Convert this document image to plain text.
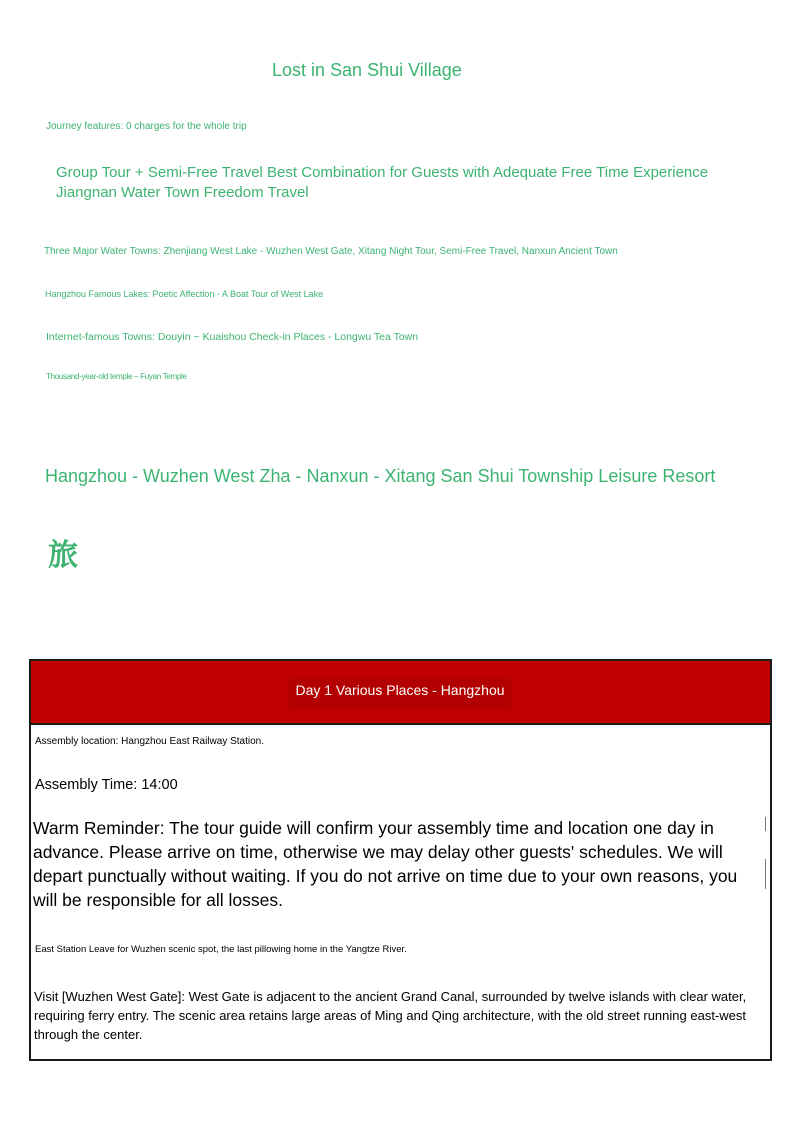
Lost in San Shui Village
Journey features: 0 charges for the whole trip
Group Tour + Semi-Free Travel Best Combination for Guests with Adequate Free Time Experience Jiangnan Water Town Freedom Travel
Three Major Water Towns: Zhenjiang West Lake - Wuzhen West Gate, Xitang Night Tour, Semi-Free Travel, Nanxun Ancient Town
Hangzhou Famous Lakes: Poetic Affection - A Boat Tour of West Lake
Internet-famous Towns: Douyin ~ Kuaishou Check-in Places - Longwu Tea Town
Thousand-year-old temple – Fuyan Temple
Hangzhou - Wuzhen West Zha - Nanxun - Xitang San Shui Township Leisure Resort
旅
Day 1 Various Places - Hangzhou
Assembly location: Hangzhou East Railway Station.
Assembly Time: 14:00
Warm Reminder: The tour guide will confirm your assembly time and location one day in advance. Please arrive on time, otherwise we may delay other guests' schedules. We will depart punctually without waiting. If you do not arrive on time due to your own reasons, you will be responsible for all losses.
East Station Leave for Wuzhen scenic spot, the last pillowing home in the Yangtze River.
Visit [Wuzhen West Gate]: West Gate is adjacent to the ancient Grand Canal, surrounded by twelve islands with clear water, requiring ferry entry. The scenic area retains large areas of Ming and Qing architecture, with the old street running east-west through the center.
